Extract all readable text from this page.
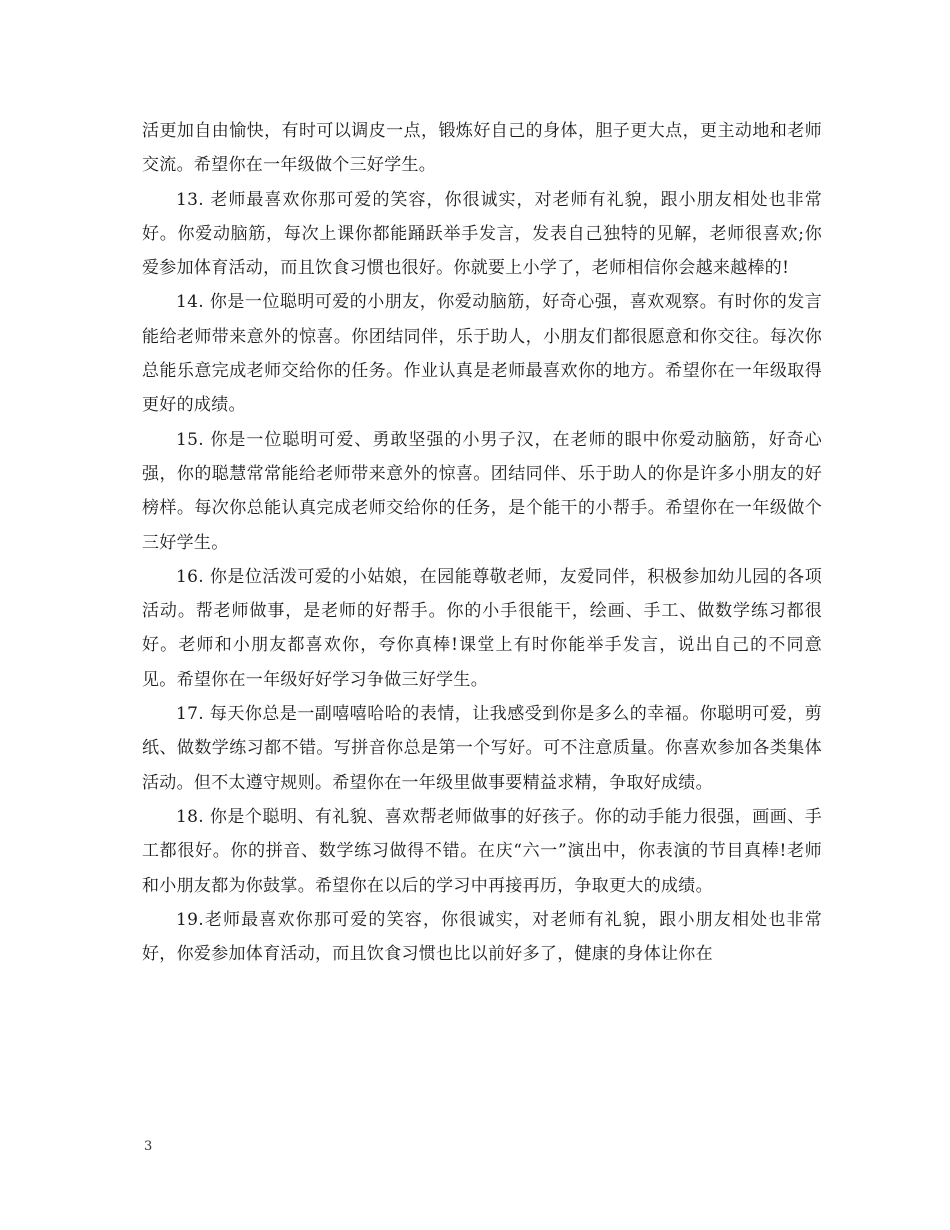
活更加自由愉快，有时可以调皮一点，锻炼好自己的身体，胆子更大点，更主动地和老师交流。希望你在一年级做个三好学生。

13. 老师最喜欢你那可爱的笑容，你很诚实，对老师有礼貌，跟小朋友相处也非常好。你爱动脑筋，每次上课你都能踊跃举手发言，发表自己独特的见解，老师很喜欢;你爱参加体育活动，而且饮食习惯也很好。你就要上小学了，老师相信你会越来越棒的!

14. 你是一位聪明可爱的小朋友，你爱动脑筋，好奇心强，喜欢观察。有时你的发言能给老师带来意外的惊喜。你团结同伴，乐于助人，小朋友们都很愿意和你交往。每次你总能乐意完成老师交给你的任务。作业认真是老师最喜欢你的地方。希望你在一年级取得更好的成绩。

15. 你是一位聪明可爱、勇敢坚强的小男子汉，在老师的眼中你爱动脑筋，好奇心强，你的聪慧常常能给老师带来意外的惊喜。团结同伴、乐于助人的你是许多小朋友的好榜样。每次你总能认真完成老师交给你的任务，是个能干的小帮手。希望你在一年级做个三好学生。

16. 你是位活泼可爱的小姑娘，在园能尊敬老师，友爱同伴，积极参加幼儿园的各项活动。帮老师做事，是老师的好帮手。你的小手很能干，绘画、手工、做数学练习都很好。老师和小朋友都喜欢你，夸你真棒!课堂上有时你能举手发言，说出自己的不同意见。希望你在一年级好好学习争做三好学生。

17. 每天你总是一副嘻嘻哈哈的表情，让我感受到你是多么的幸福。你聪明可爱，剪纸、做数学练习都不错。写拼音你总是第一个写好。可不注意质量。你喜欢参加各类集体活动。但不太遵守规则。希望你在一年级里做事要精益求精，争取好成绩。

18. 你是个聪明、有礼貌、喜欢帮老师做事的好孩子。你的动手能力很强，画画、手工都很好。你的拼音、数学练习做得不错。在庆“六一”演出中，你表演的节目真棒!老师和小朋友都为你鼓掌。希望你在以后的学习中再接再历，争取更大的成绩。

19.老师最喜欢你那可爱的笑容，你很诚实，对老师有礼貌，跟小朋友相处也非常好，你爱参加体育活动，而且饮食习惯也比以前好多了，健康的身体让你在

3
